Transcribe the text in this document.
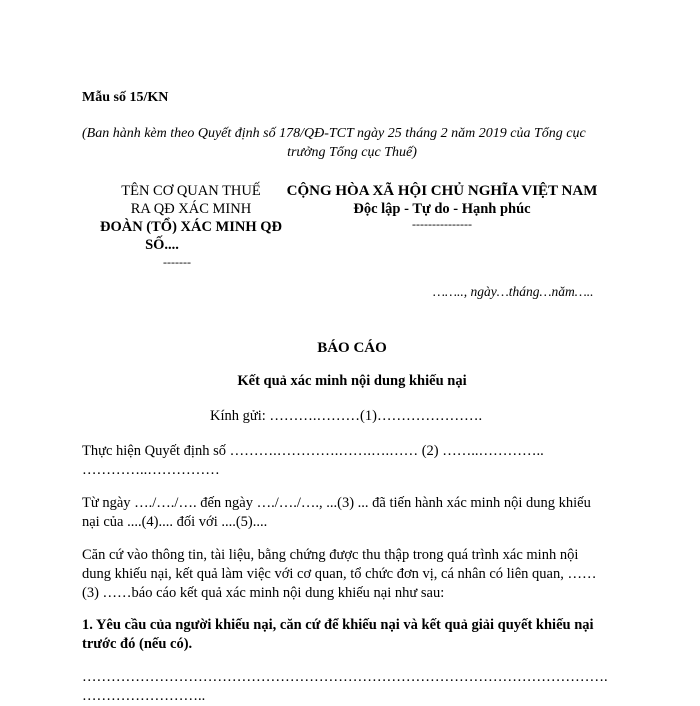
Mẫu số 15/KN
(Ban hành kèm theo Quyết định số 178/QĐ-TCT ngày 25 tháng 2 năm 2019 của Tổng cục
trưởng Tổng cục Thuế)
TÊN CƠ QUAN THUẾ
RA QĐ XÁC MINH
ĐOÀN (TỔ) XÁC MINH QĐ
SỐ....
-------
CỘNG HÒA XÃ HỘI CHỦ NGHĨA VIỆT NAM
Độc lập - Tự do - Hạnh phúc
---------------
…….., ngày…tháng…năm…..
BÁO CÁO
Kết quả xác minh nội dung khiếu nại
Kính gửi: ……….………(1)………………….
Thực hiện Quyết định số ……….………….…….….…… (2) ……..…………..
…………..……………
Từ ngày …./…./…. đến ngày …./…./…., ...(3) ... đã tiến hành xác minh nội dung khiếu
nại của ....(4).... đối với ....(5)....
Căn cứ vào thông tin, tài liệu, bằng chứng được thu thập trong quá trình xác minh nội
dung khiếu nại, kết quả làm việc với cơ quan, tổ chức đơn vị, cá nhân có liên quan, ……
(3) ……báo cáo kết quả xác minh nội dung khiếu nại như sau:
1. Yêu cầu của người khiếu nại, căn cứ để khiếu nại và kết quả giải quyết khiếu nại
trước đó (nếu có).
……………………………………………………………………………………………….
……………………..
